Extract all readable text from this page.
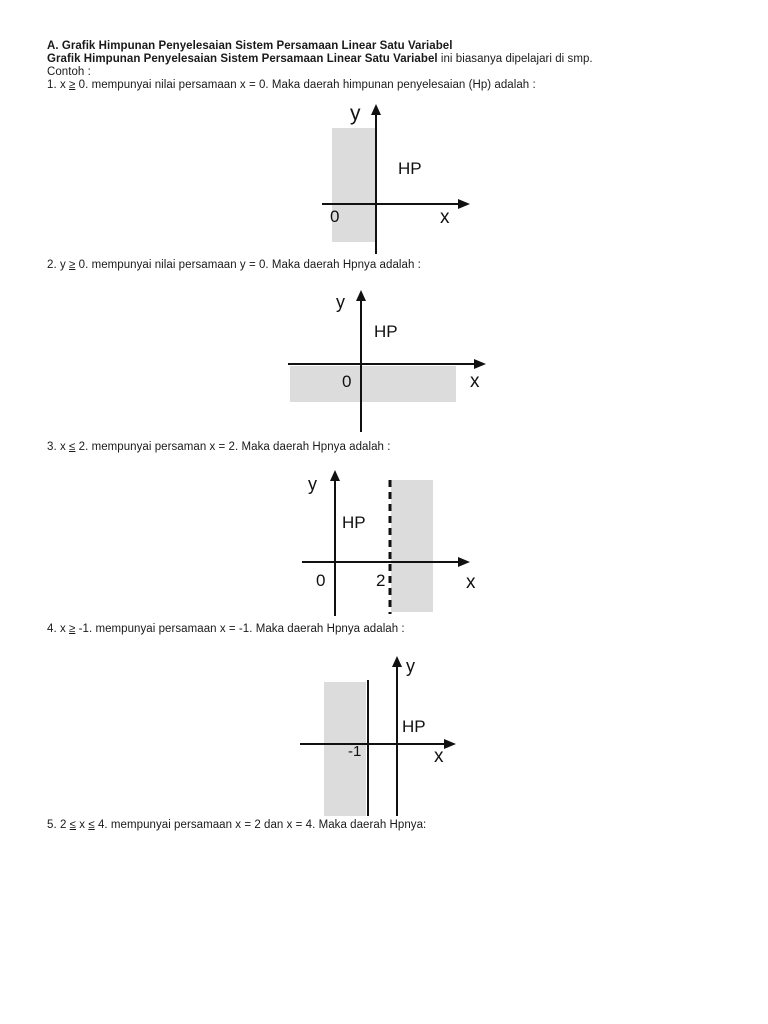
A. Grafik Himpunan Penyelesaian Sistem Persamaan Linear Satu Variabel
Grafik Himpunan Penyelesaian Sistem Persamaan Linear Satu Variabel ini biasanya dipelajari di smp.
Contoh :
1. x ≥ 0. mempunyai nilai persamaan x = 0. Maka daerah himpunan penyelesaian (Hp) adalah :
y
HP
0	x
2. y ≥ 0. mempunyai nilai persamaan y = 0. Maka daerah Hpnya adalah :
y
HP
0	x
3. x ≤ 2. mempunyai persaman x = 2. Maka daerah Hpnya adalah :
y
HP
0	2	x
4. x ≥ -1. mempunyai persamaan x = -1. Maka daerah Hpnya adalah :
y
HP
-1	x
5. 2 ≤ x ≤ 4. mempunyai persamaan x = 2 dan x = 4. Maka daerah Hpnya:
